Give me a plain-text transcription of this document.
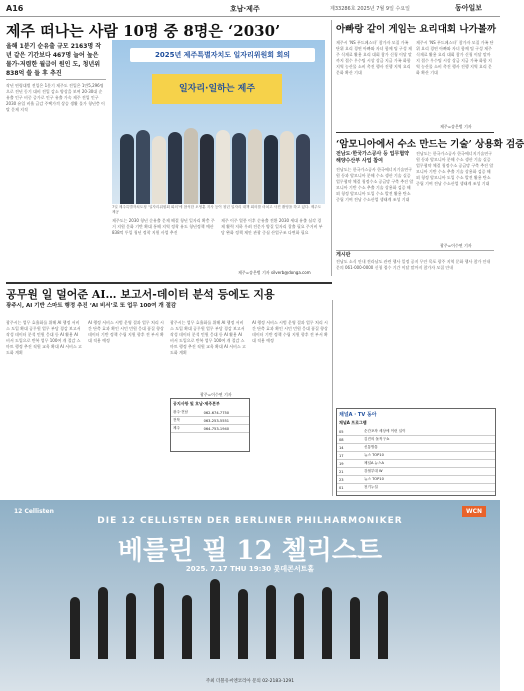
A16	호남·제주	제33286호 2025년 7월 9일 수요일	동아일보
제주 떠나는 사람 10명 중 8명은 ‘2030’
올해 1분기 순유출 규모 2163명 작년 같은 기간보다 467명 늘어 높은 물가·저렴한 월급이 원인 도, 청년위 838억 쓸 들 후 추진
작년 연령대별 전입은 1분기 제주도 전입은 1만5,296명으로 전년 동기 대비 전입 감소 양상을 보여 20·30대 순유출 인구 비중 증가로 인구 유출 가속 제주 전입 인구 2030 유입 비율 급감 주택가격 상승 생활 물가 청년층 이탈 문제 지적
2025년 제주특별자치도 일자리위원회 회의
일자리·일하는 제주
7일 제주특별자치도청 ‘일자리위원회 회의’에 참석한 오영훈 지사 등이 청년 일자리 대책 회의를 마치고 사진 촬영을 하고 있다. 제주도 제공
제주도는 2030 청년 순유출 문제 해결 청년 일자리 확충 주거 지원 문화 기반 확대 통해 지역 정착 유도 청년정책 예산 838억 투입 청년 정착 지원 사업 추진
제주 이주 열풍 이후 순유출 전환 2030 세대 유출 심각 경제 활력 저하 우려 전문가 양질 일자리 창출 필요 주거비 부담 완화 정책 제안 관광 중심 산업구조 다변화 필요
제주=송은범 기자 silverb@donga.com
아빠랑 같이 게임는 요리대회 나가볼까
제주시 ‘NS 푸드페스타’ 참가자 모집 가족 단위 요리 경연 아빠와 자녀 함께 팀 구성 제주 식재료 활용 요리 대회 참가 신청 이달 말까지 접수 우수팀 시상 상금 지급 가족 화합 지역 농산물 소비 촉진 행사 진행 지역 요리 문화 확산 기대
제주시 ‘NS 푸드페스타’ 참가자 모집 가족 단위 요리 경연 아빠와 자녀 함께 팀 구성 제주 식재료 활용 요리 대회 참가 신청 이달 말까지 접수 우수팀 시상 상금 지급 가족 화합 지역 농산물 소비 촉진 행사 진행 지역 요리 문화 확산 기대
제주=송은범 기자
‘암모니아에서 수소 만드는 기술’ 상용화 검증
전남도·한국가스공사 등 업무협약 해양수산부 사업 참여
전남도는 한국가스공사 한국에너지기술연구원 등과 암모니아 분해 수소 생산 기술 실증 업무협약 체결 청정수소 공급망 구축 추진 암모니아 기반 수소 추출 기술 상용화 검증 해외 청정 암모니아 도입 수소 발전 활용 탄소중립 기여 전남 수소산업 생태계 조성 기대
전남도는 한국가스공사 한국에너지기술연구원 등과 암모니아 분해 수소 생산 기술 실증 업무협약 체결 청정수소 공급망 구축 추진 암모니아 기반 수소 추출 기술 상용화 검증 해외 청정 암모니아 도입 수소 발전 활용 탄소중립 기여 전남 수소산업 생태계 조성 기대
광주=이수연 기자
게시판
전남도 소식 안내 전라남도 관련 행사 일정 공지 무안 목포 광주 지역 문화 행사 참가 안내 문의 061-000-0000 신청 접수 기간 이달 말까지 참가자 모집 안내
공무원 일 덜어준 AI… 보고서-데이터 분석 등에도 지용
광주시, AI 기반 스마트 행정 추진 ‘AI 비서’로 또 업무 100여 개 절감
광주시는 업무 효율화를 위해 AI 행정 서비스 도입 확대 공무원 업무 부담 경감 보고서 작성 데이터 분석 민원 응대 등 AI 활용 AI 비서 도입으로 반복 업무 100여 개 절감 스마트 행정 추진 직원 교육 확대 AI 서비스 고도화 계획
AI 행정 서비스 시범 운영 결과 업무 처리 시간 단축 효과 확인 시민 민원 응대 품질 향상 데이터 기반 정책 수립 지원 향후 전 부서 확대 적용 예정
광주시는 업무 효율화를 위해 AI 행정 서비스 도입 확대 공무원 업무 부담 경감 보고서 작성 데이터 분석 민원 응대 등 AI 활용 AI 비서 도입으로 반복 업무 100여 개 절감 스마트 행정 추진 직원 교육 확대 AI 서비스 고도화 계획
광주=이수연 기자
공지사항 및 호남·제주본부
광주·전남	062-674-7750
전북	063-253-5551
제주	064-753-1940
AI 행정 서비스 시범 운영 결과 업무 처리 시간 단축 효과 확인 시민 민원 응대 품질 향상 데이터 기반 정책 수립 지원 향후 전 부서 확대 적용 예정
채널A · TV 동아
채널A 프로그램
05	순간포착 세상에 이런 일이
08	김진의 돌직구쇼
14	신통방통
17	뉴스 TOP10
19	채널A 뉴스A
21	강철부대 W
23	뉴스 TOP10
01	천기누설
12 Cellisten	WCN
DIE 12 CELLISTEN DER BERLINER PHILHARMONIKER
베를린 필 12 첼리스트
2025. 7.17 THU 19:30 롯데콘서트홀
주최 더블유씨엔코리아 문의 02-2183-1291
